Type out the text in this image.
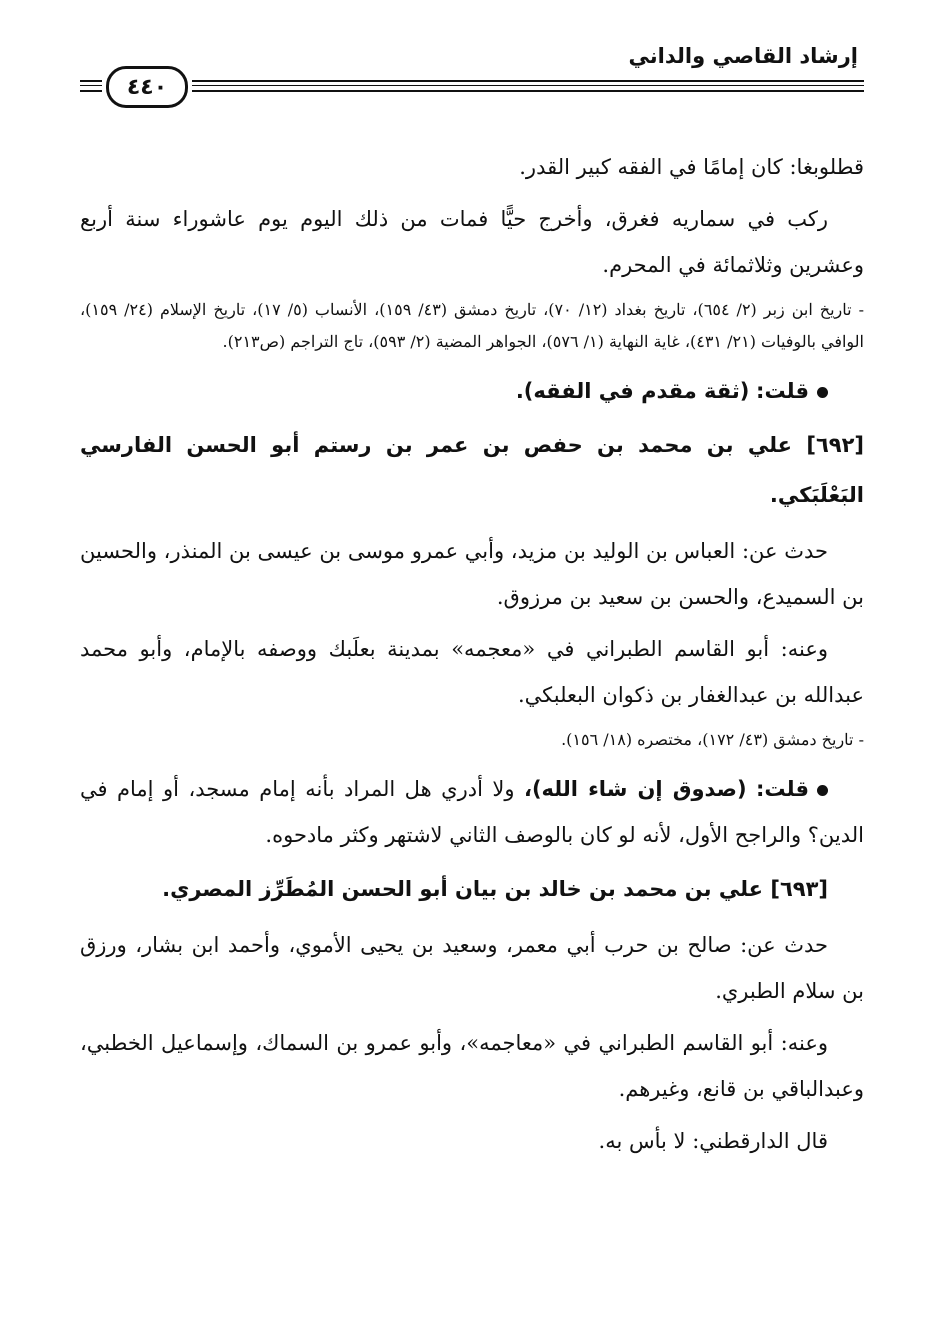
إرشاد القاصي والداني
٤٤٠

قطلوبغا: كان إمامًا في الفقه كبير القدر.

ركب في سماريه فغرق، وأخرج حيًّا فمات من ذلك اليوم يوم عاشوراء سنة أربع وعشرين وثلاثمائة في المحرم.

- تاريخ ابن زبر (٢/ ٦٥٤)، تاريخ بغداد (١٢/ ٧٠)، تاريخ دمشق (٤٣/ ١٥٩)، الأنساب (٥/ ١٧)، تاريخ الإسلام (٢٤/ ١٥٩)، الوافي بالوفيات (٢١/ ٤٣١)، غاية النهاية (١/ ٥٧٦)، الجواهر المضية (٢/ ٥٩٣)، تاج التراجم (ص٢١٣).

قلت: (ثقة مقدم في الفقه).

[٦٩٢] علي بن محمد بن حفص بن عمر بن رستم أبو الحسن الفارسي البَعْلَبَكي.

حدث عن: العباس بن الوليد بن مزيد، وأبي عمرو موسى بن عيسى بن المنذر، والحسين بن السميدع، والحسن بن سعيد بن مرزوق.

وعنه: أبو القاسم الطبراني في «معجمه» بمدينة بعلَبك ووصفه بالإمام، وأبو محمد عبدالله بن عبدالغفار بن ذكوان البعلبكي.

- تاريخ دمشق (٤٣/ ١٧٢)، مختصره (١٨/ ١٥٦).

قلت: (صدوق إن شاء الله)، ولا أدري هل المراد بأنه إمام مسجد، أو إمام في الدين؟ والراجح الأول، لأنه لو كان بالوصف الثاني لاشتهر وكثر مادحوه.

[٦٩٣] علي بن محمد بن خالد بن بيان أبو الحسن المُطَرِّز المصري.

حدث عن: صالح بن حرب أبي معمر، وسعيد بن يحيى الأموي، وأحمد ابن بشار، ورزق بن سلام الطبري.

وعنه: أبو القاسم الطبراني في «معاجمه»، وأبو عمرو بن السماك، وإسماعيل الخطبي، وعبدالباقي بن قانع، وغيرهم.

قال الدارقطني: لا بأس به.
